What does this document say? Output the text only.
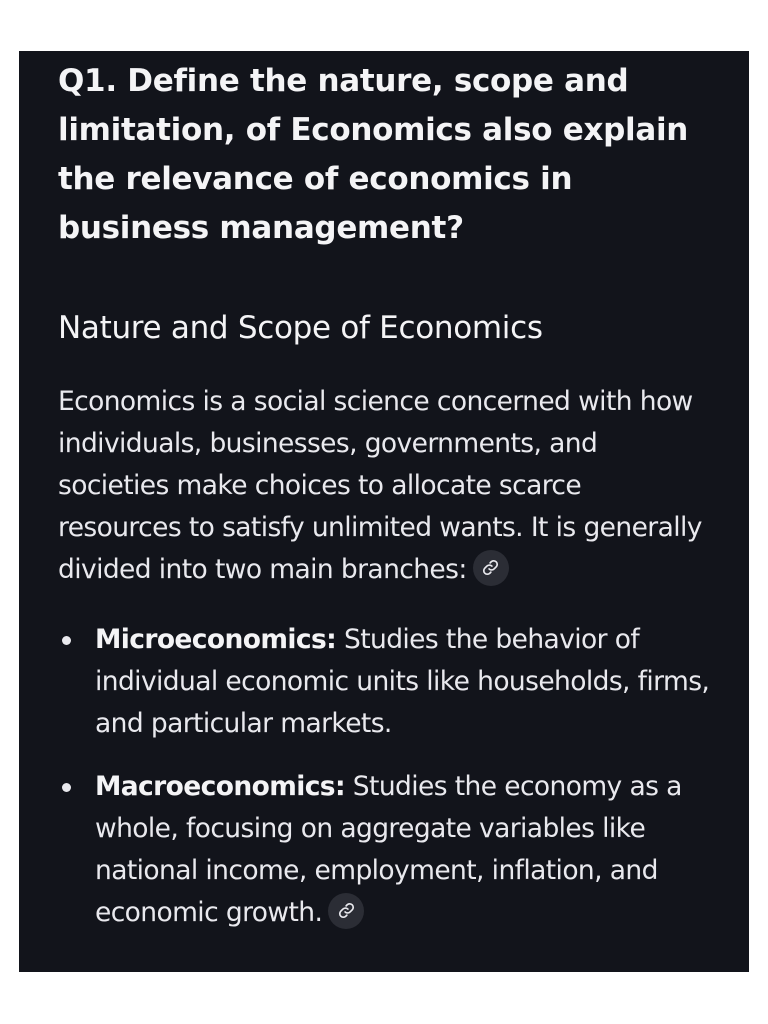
Q1. Define the nature, scope and limitation, of Economics also explain the relevance of economics in business management?
Nature and Scope of Economics

Economics is a social science concerned with how individuals, businesses, governments, and societies make choices to allocate scarce resources to satisfy unlimited wants. It is generally divided into two main branches:

Microeconomics: Studies the behavior of individual economic units like households, firms, and particular markets.
Macroeconomics: Studies the economy as a whole, focusing on aggregate variables like national income, employment, inflation, and economic growth.
